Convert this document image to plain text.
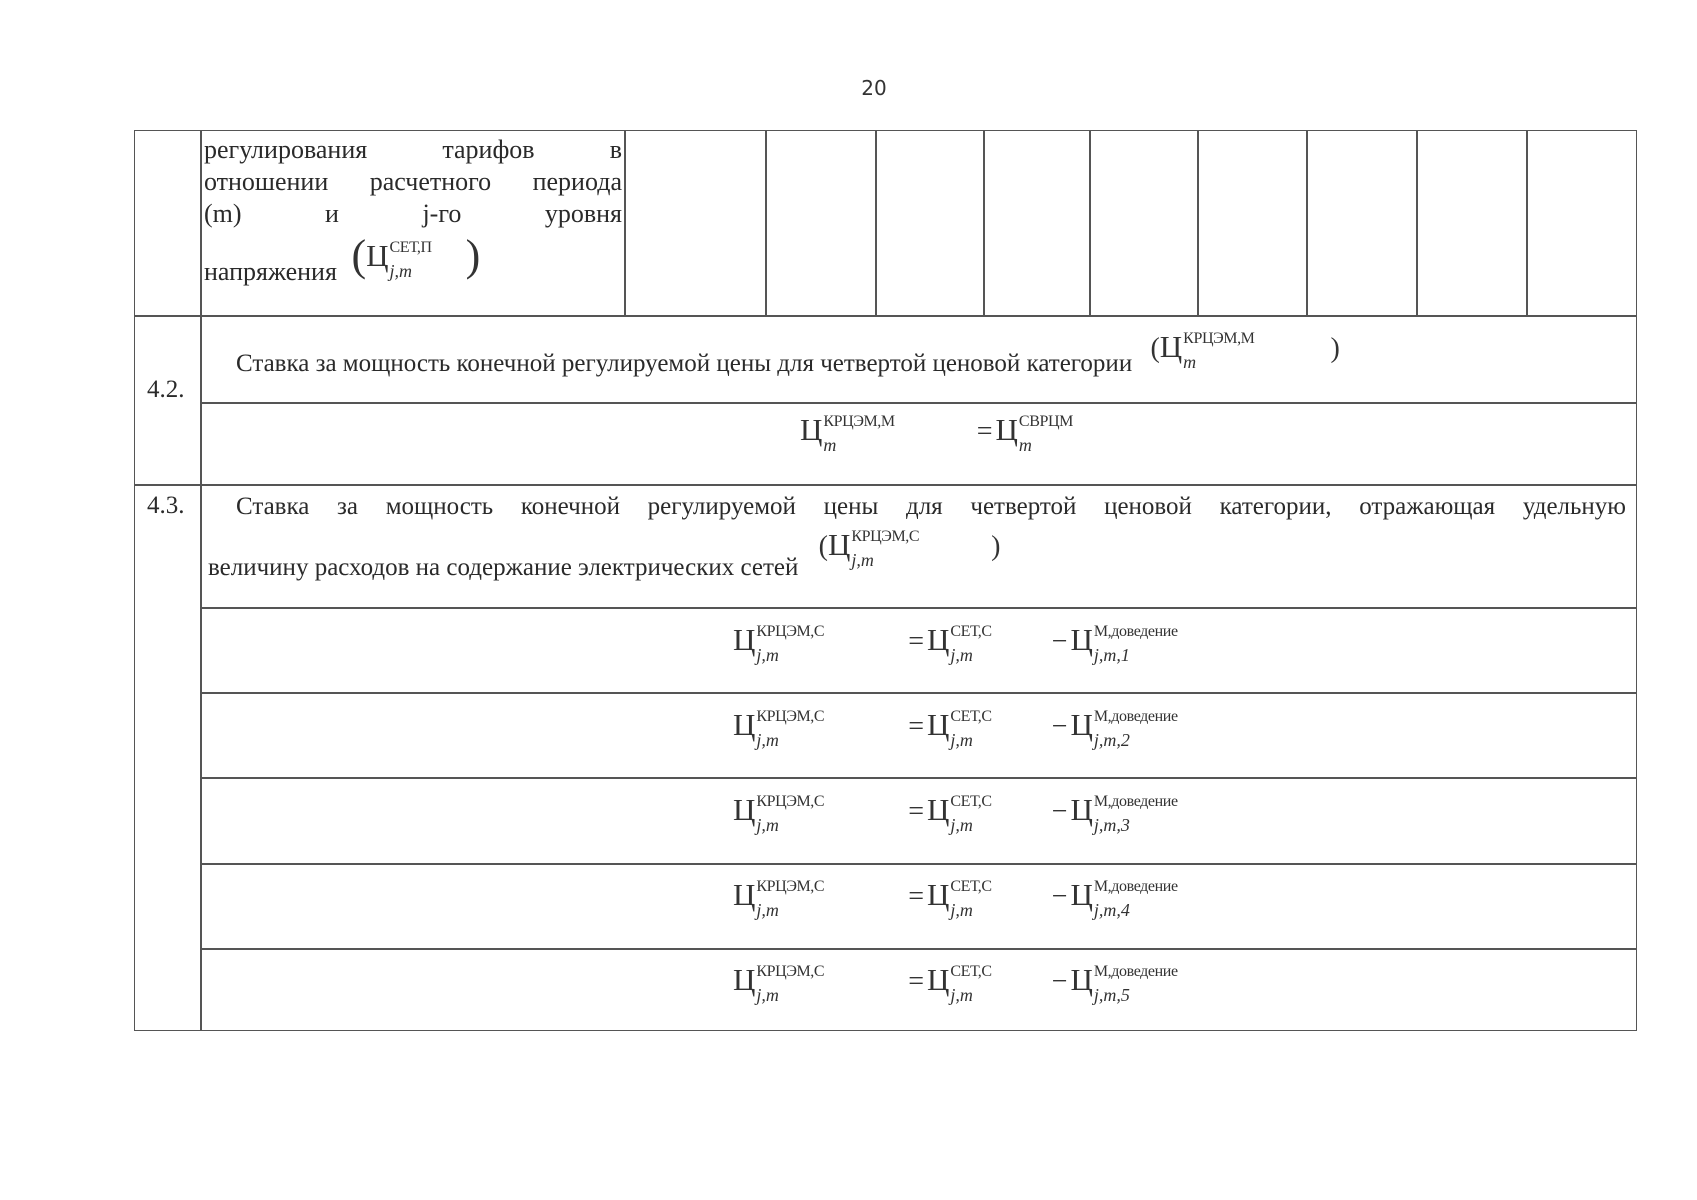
20
регулирования	тарифов	в
отношении расчетного периода
(m)	и	j-го	уровня
напряжения (Ц СЕТ,П
j,m )
4.2.
Ставка за мощность конечной регулируемой цены для четвертой ценовой категории (Ц КРЦЭМ,М
m	)
Ц КРЦЭМ,М
m	=Ц СВРЦМ
m
4.3. Ставка за мощность конечной регулируемой цены для четвертой ценовой категории, отражающая удельную
величину расходов на содержание электрических сетей (Ц КРЦЭМ,С
j,m	)
Ц КРЦЭМ,C
j,m	=Ц СЕТ,C
j,m	−Ц М,доведение
j,m,1
Ц КРЦЭМ,C
j,m	=Ц СЕТ,C
j,m	−Ц М,доведение
j,m,2
Ц КРЦЭМ,C
j,m	=Ц СЕТ,C
j,m	−Ц М,доведение
j,m,3
Ц КРЦЭМ,C
j,m	=Ц СЕТ,C
j,m	−Ц М,доведение
j,m,4
Ц КРЦЭМ,C
j,m	=Ц СЕТ,C
j,m	−Ц М,доведение
j,m,5
